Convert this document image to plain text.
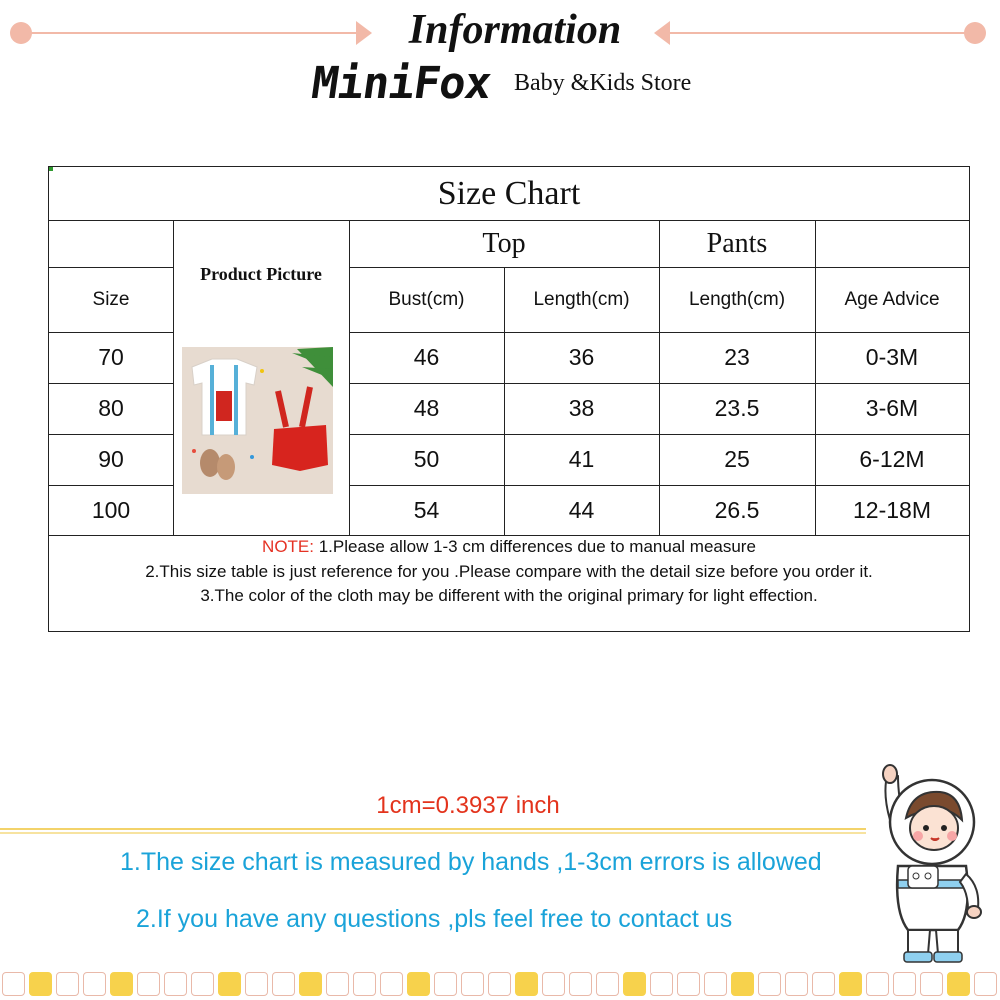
Information
MiniFox Baby &Kids Store
Size Chart
Top	Pants
Product Picture
Size	Bust(cm)	Length(cm)	Length(cm)	Age Advice
70	46	36	23	0-3M
80	48	38	23.5	3-6M
90	50	41	25	6-12M
100	54	44	26.5	12-18M
NOTE: 1.Please allow 1-3 cm differences due to manual measure
2.This size table is just reference for you .Please compare with the detail size before you order it.
3.The color of the cloth may be different with the original primary for light effection.
1cm=0.3937 inch
1.The size chart is measured by hands ,1-3cm errors is allowed
2.If you have any questions ,pls feel free to contact us
